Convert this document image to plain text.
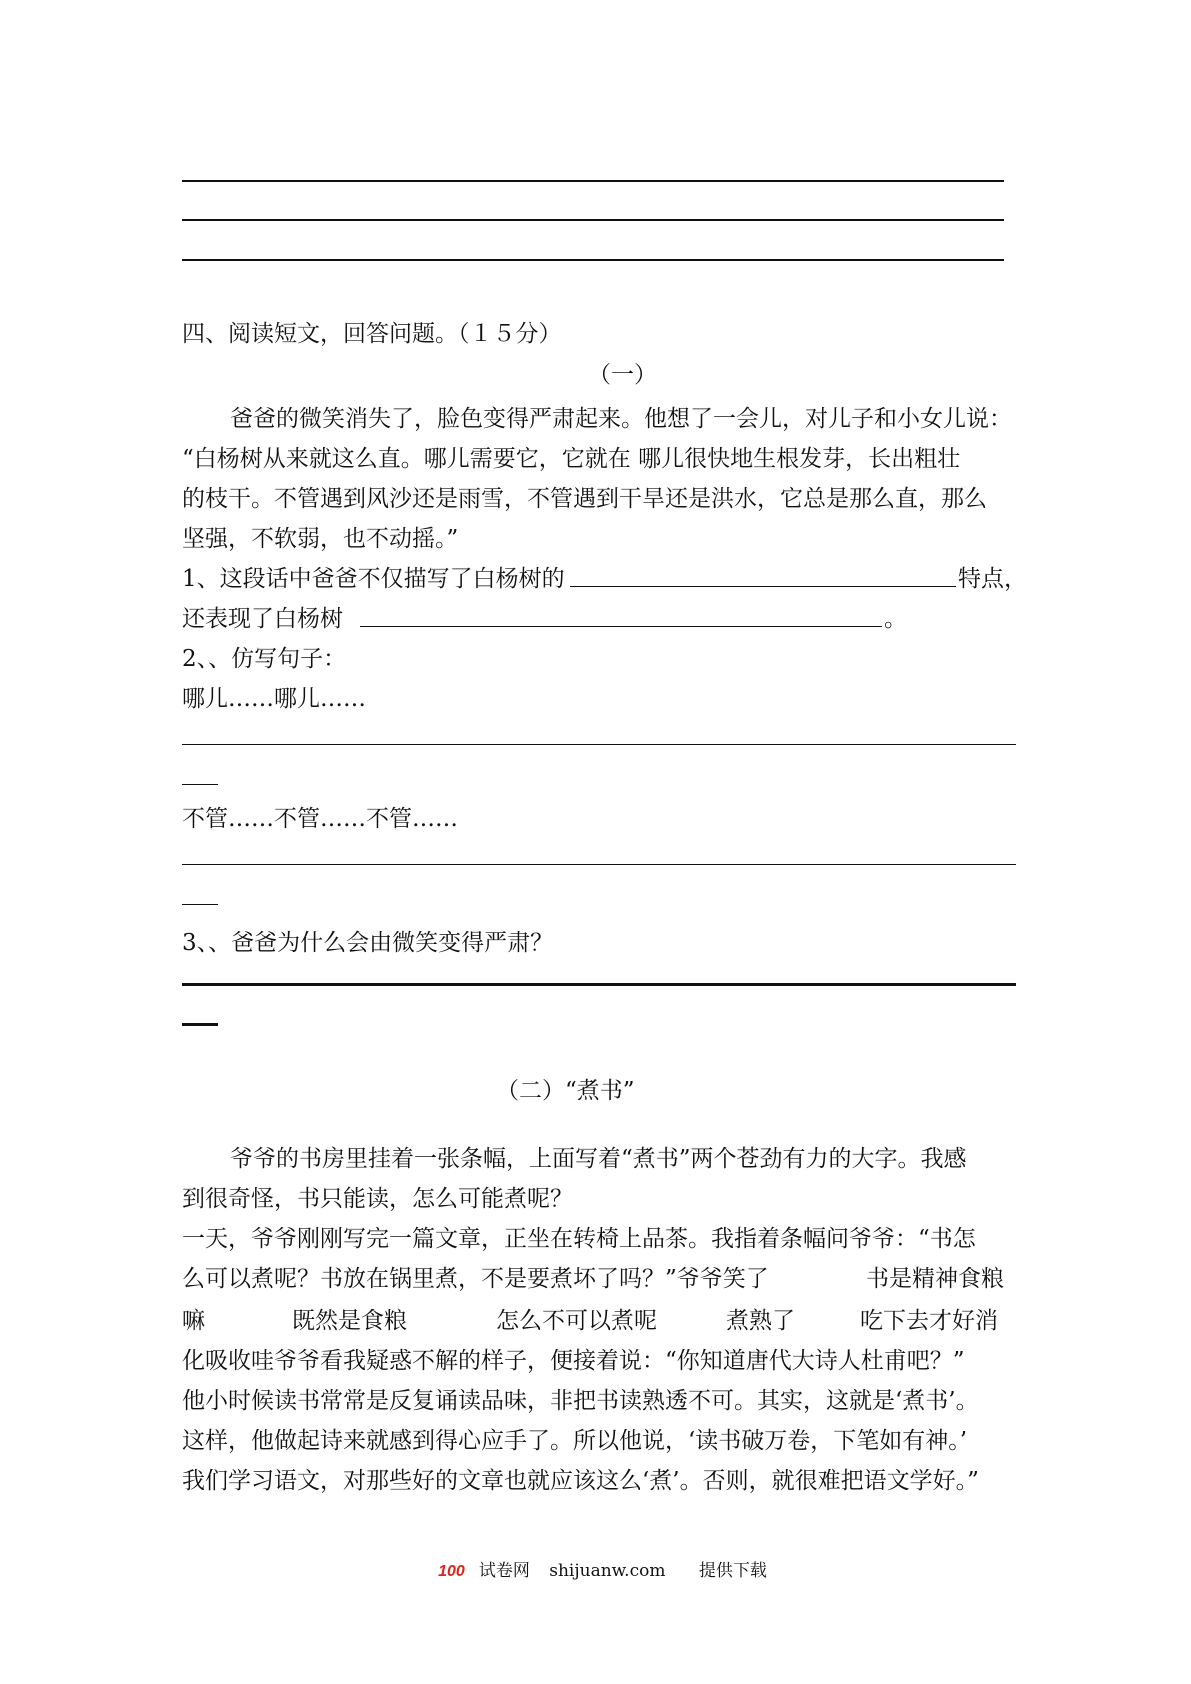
四、阅读短文，回答问题。（１５分）
（一）
爸爸的微笑消失了，脸色变得严肃起来。他想了一会儿，对儿子和小女儿说：
“白杨树从来就这么直。哪儿需要它，它就在 哪儿很快地生根发芽，长出粗壮
的枝干。不管遇到风沙还是雨雪，不管遇到干旱还是洪水，它总是那么直，那么
坚强，不软弱，也不动摇。”
1、这段话中爸爸不仅描写了白杨树的	特点，
还表现了白杨树	。
2、、仿写句子：
哪儿……哪儿……
不管……不管……不管……
3、、爸爸为什么会由微笑变得严肃？
（二）“煮书”
爷爷的书房里挂着一张条幅，上面写着“煮书”两个苍劲有力的大字。我感
到很奇怪，书只能读，怎么可能煮呢？
一天，爷爷刚刚写完一篇文章，正坐在转椅上品茶。我指着条幅问爷爷：“书怎
么可以煮呢？书放在锅里煮，不是要煮坏了吗？”爷爷笑了	书是精神食粮
嘛	既然是食粮	怎么不可以煮呢	煮熟了	吃下去才好消
化吸收哇爷爷看我疑惑不解的样子，便接着说：“你知道唐代大诗人杜甫吧？”
他小时候读书常常是反复诵读品味，非把书读熟透不可。其实，这就是‘煮书’。
这样，他做起诗来就感到得心应手了。所以他说，‘读书破万卷，下笔如有神。’
我们学习语文，对那些好的文章也就应该这么‘煮’。否则，就很难把语文学好。”
100 试卷网 shijuanw.com 提供下载
